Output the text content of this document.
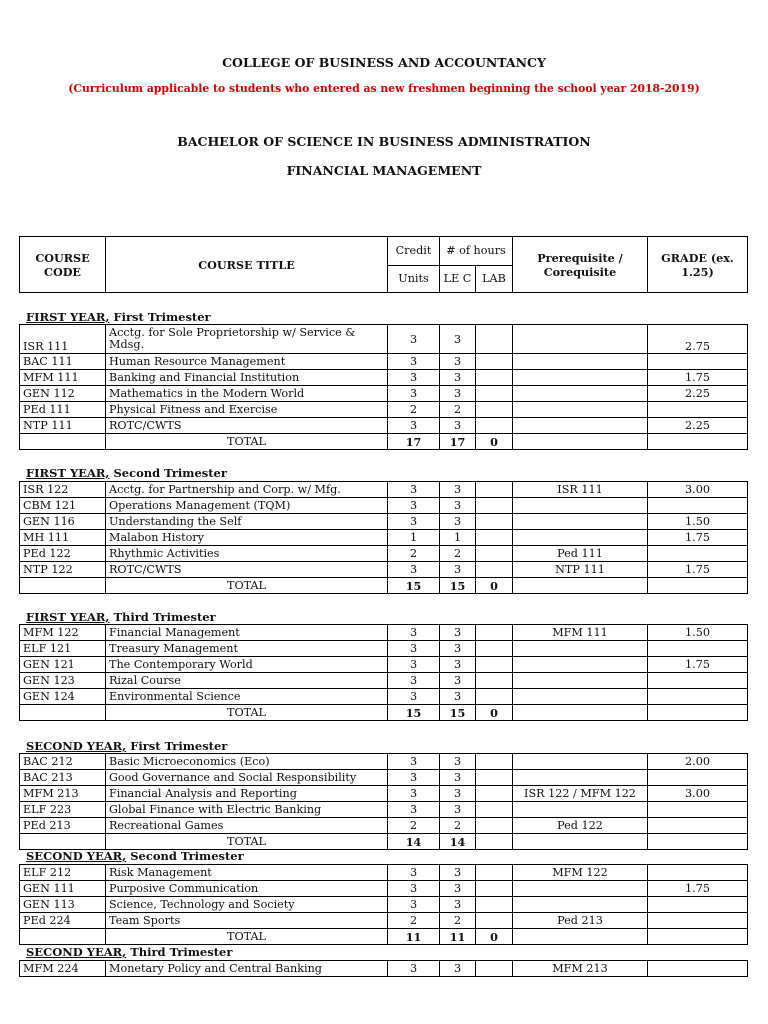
COLLEGE OF BUSINESS AND ACCOUNTANCY
(Curriculum applicable to students who entered as new freshmen beginning the school year 2018-2019)
BACHELOR OF SCIENCE IN BUSINESS ADMINISTRATION
FINANCIAL MANAGEMENT
COURSE CODE	COURSE TITLE	Credit	# of hours		Prerequisite / Corequisite	GRADE (ex. 1.25)
		Units	LE C	LAB		
FIRST YEAR, First Trimester
ISR 111	Acctg. for Sole Proprietorship w/ Service & Mdsg.	3	3			2.75
BAC 111	Human Resource Management	3	3			
MFM 111	Banking and Financial Institution	3	3			1.75
GEN 112	Mathematics in the Modern World	3	3			2.25
PEd 111	Physical Fitness and Exercise	2	2			
NTP 111	ROTC/CWTS	3	3			2.25
	TOTAL	17	17	0		
FIRST YEAR, Second Trimester
ISR 122	Acctg. for Partnership and Corp. w/ Mfg.	3	3		ISR 111	3.00
CBM 121	Operations Management (TQM)	3	3			
GEN 116	Understanding the Self	3	3			1.50
MH 111	Malabon History	1	1			1.75
PEd 122	Rhythmic Activities	2	2		Ped 111	
NTP 122	ROTC/CWTS	3	3		NTP 111	1.75
	TOTAL	15	15	0		
FIRST YEAR, Third Trimester
MFM 122	Financial Management	3	3		MFM 111	1.50
ELF 121	Treasury Management	3	3			
GEN 121	The Contemporary World	3	3			1.75
GEN 123	Rizal Course	3	3			
GEN 124	Environmental Science	3	3			
	TOTAL	15	15	0		
SECOND YEAR, First Trimester
BAC 212	Basic Microeconomics (Eco)	3	3			2.00
BAC 213	Good Governance and Social Responsibility	3	3			
MFM 213	Financial Analysis and Reporting	3	3		ISR 122 / MFM 122	3.00
ELF 223	Global Finance with Electric Banking	3	3			
PEd 213	Recreational Games	2	2		Ped 122	
	TOTAL	14	14			
SECOND YEAR, Second Trimester
ELF 212	Risk Management	3	3		MFM 122	
GEN 111	Purposive Communication	3	3			1.75
GEN 113	Science, Technology and Society	3	3			
PEd 224	Team Sports	2	2		Ped 213	
	TOTAL	11	11	0		
SECOND YEAR, Third Trimester
MFM 224	Monetary Policy and Central Banking	3	3		MFM 213	
